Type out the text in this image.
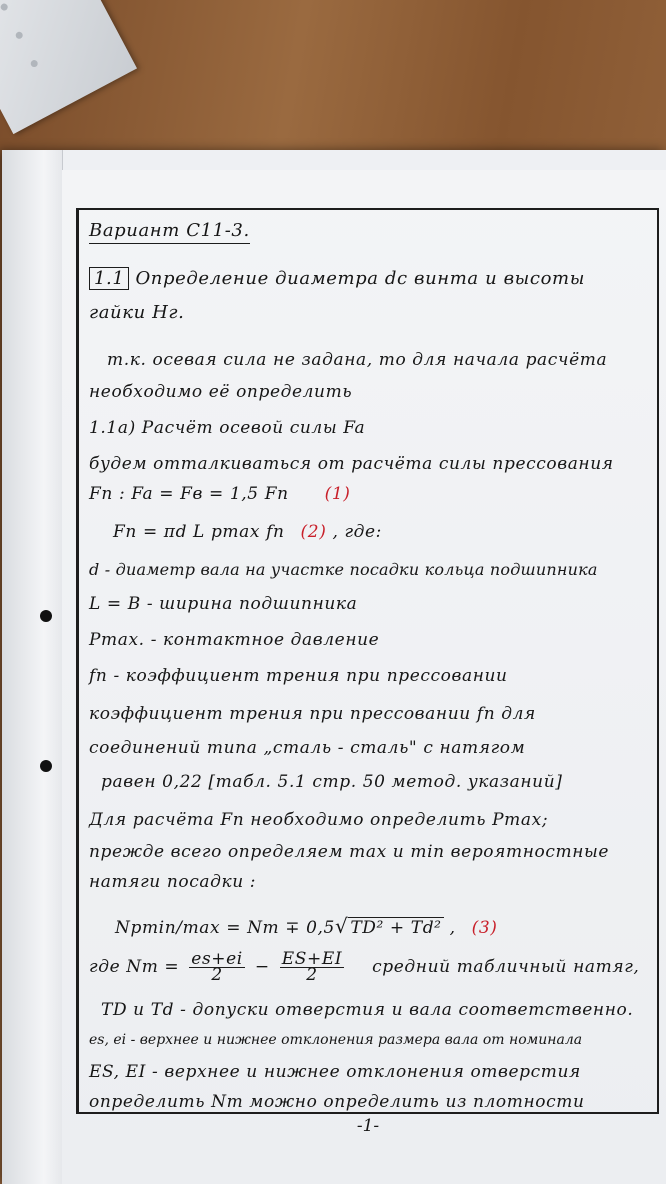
Вариант С11-3.
1.1 Определение диаметра dc винта и высоты
гайки Нг.
т.к. осевая сила не задана, то для начала расчёта
необходимо её определить
1.1а) Расчёт осевой силы Fa
будем отталкиваться от расчёта силы прессования
Fп : Fa = Fв = 1,5 Fп (1)
Fп = πd L pmax fп (2) , где:
d - диаметр вала на участке посадки кольца подшипника
L = B - ширина подшипника
Pmax. - контактное давление
fп - коэффициент трения при прессовании
коэффициент трения при прессовании fп для
соединений типа „сталь - сталь" с натягом
равен 0,22 [табл. 5.1 стр. 50 метод. указаний]
Для расчёта Fп необходимо определить Pmax;
прежде всего определяем max и min вероятностные
натяги посадки :
Npmin/max = Nm ∓ 0,5√ TD² + Td² , (3)
где $Nm = \frac{es+ei}{2} - \frac{ES+EI}{2}$ средний табличный натяг,
TD и Td - допуски отверстия и вала соответственно.
es, ei - верхнее и нижнее отклонения размера вала от номинала
ES, EI - верхнее и нижнее отклонения отверстия
определить Nm можно определить из плотности
-1-
